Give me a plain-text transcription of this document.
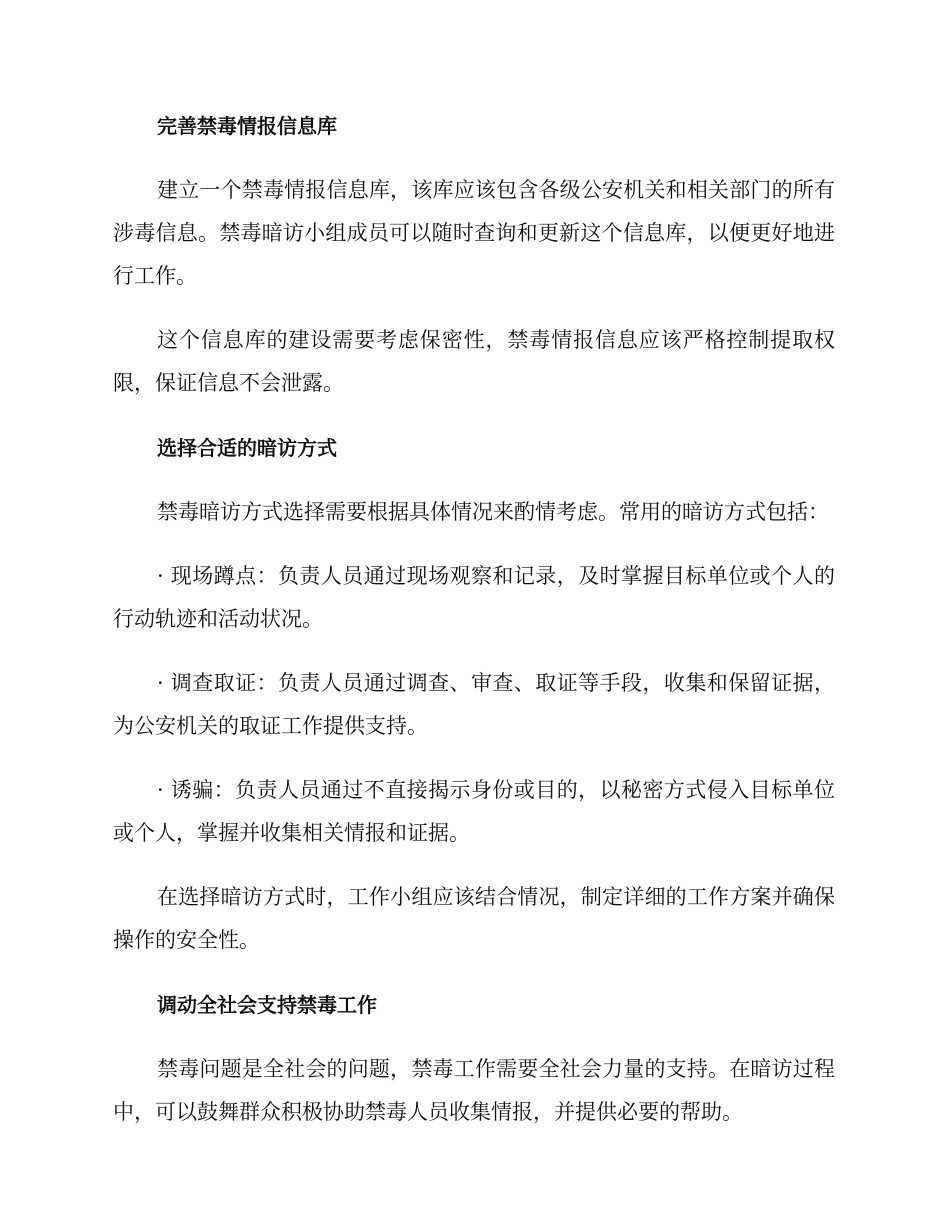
完善禁毒情报信息库

建立一个禁毒情报信息库，该库应该包含各级公安机关和相关部门的所有涉毒信息。禁毒暗访小组成员可以随时查询和更新这个信息库，以便更好地进行工作。

这个信息库的建设需要考虑保密性，禁毒情报信息应该严格控制提取权限，保证信息不会泄露。

选择合适的暗访方式

禁毒暗访方式选择需要根据具体情况来酌情考虑。常用的暗访方式包括：

· 现场蹲点：负责人员通过现场观察和记录，及时掌握目标单位或个人的行动轨迹和活动状况。

· 调查取证：负责人员通过调查、审查、取证等手段，收集和保留证据，为公安机关的取证工作提供支持。

· 诱骗：负责人员通过不直接揭示身份或目的，以秘密方式侵入目标单位或个人，掌握并收集相关情报和证据。

在选择暗访方式时，工作小组应该结合情况，制定详细的工作方案并确保操作的安全性。

调动全社会支持禁毒工作

禁毒问题是全社会的问题，禁毒工作需要全社会力量的支持。在暗访过程中，可以鼓舞群众积极协助禁毒人员收集情报，并提供必要的帮助。
